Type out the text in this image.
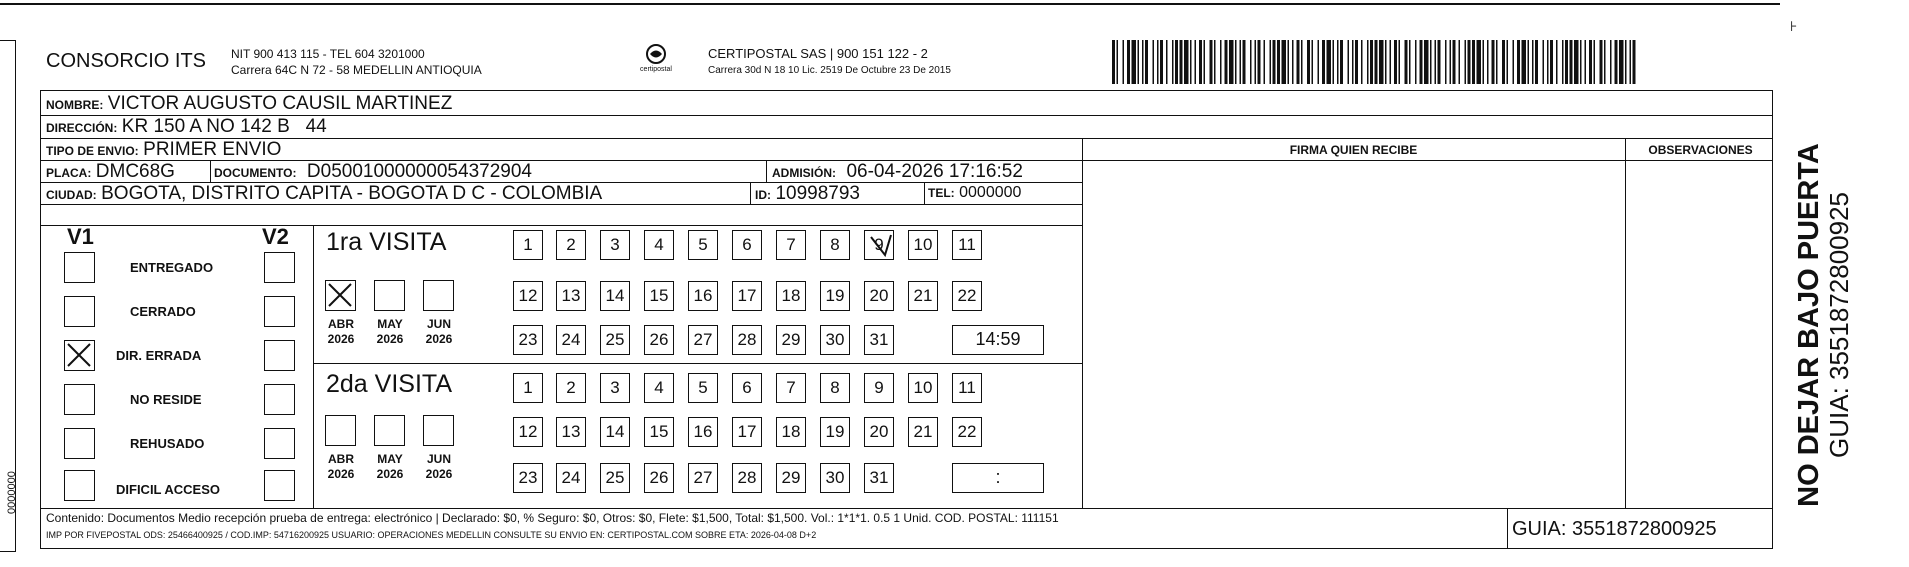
0000000
CONSORCIO ITS NIT 900 413 115 - TEL 604 3201000
Carrera 64C N 72 - 58 MEDELLIN ANTIOQUIA	certipostal
CERTIPOSTAL SAS | 900 151 122 - 2
Carrera 30d N 18 10 Lic. 2519 De Octubre 23 De 2015
⊦
NOMBRE: VICTOR AUGUSTO CAUSIL MARTINEZ
DIRECCIÓN: KR 150 A NO 142 B   44
TIPO DE ENVIO: PRIMER ENVIO
PLACA: DMC68G	DOCUMENTO: D05001000000054372904	ADMISIÓN: 06-04-2026 17:16:52
CIUDAD: BOGOTA, DISTRITO CAPITA - BOGOTA D C - COLOMBIA	ID: 10998793	TEL: 0000000
FIRMA QUIEN RECIBE	OBSERVACIONES
V1	V2
ENTREGADO
CERRADO
DIR. ERRADA
NO RESIDE
REHUSADO
DIFICIL ACCESO
1ra VISITA
2da VISITA
ABR
2026
MAY
2026
JUN
2026
ABR
2026
MAY
2026
JUN
2026
1	2	3	4	5	6	7	8	9	10	11
12	13	14	15	16	17	18	19	20	21	22
23	24	25	26	27	28	29	30	31	14:59
1	2	3	4	5	6	7	8	9	10	11
12	13	14	15	16	17	18	19	20	21	22
23	24	25	26	27	28	29	30	31	:
Contenido: Documentos Medio recepción prueba de entrega: electrónico | Declarado: $0, % Seguro: $0, Otros: $0, Flete: $1,500, Total: $1,500. Vol.: 1*1*1. 0.5 1 Unid. COD. POSTAL: 111151
IMP POR FIVEPOSTAL ODS: 25466400925 / COD.IMP: 54716200925 USUARIO: OPERACIONES MEDELLIN CONSULTE SU ENVIO EN: CERTIPOSTAL.COM SOBRE ETA: 2026-04-08 D+2	GUIA: 3551872800925
NO DEJAR BAJO PUERTA GUIA: 3551872800925
